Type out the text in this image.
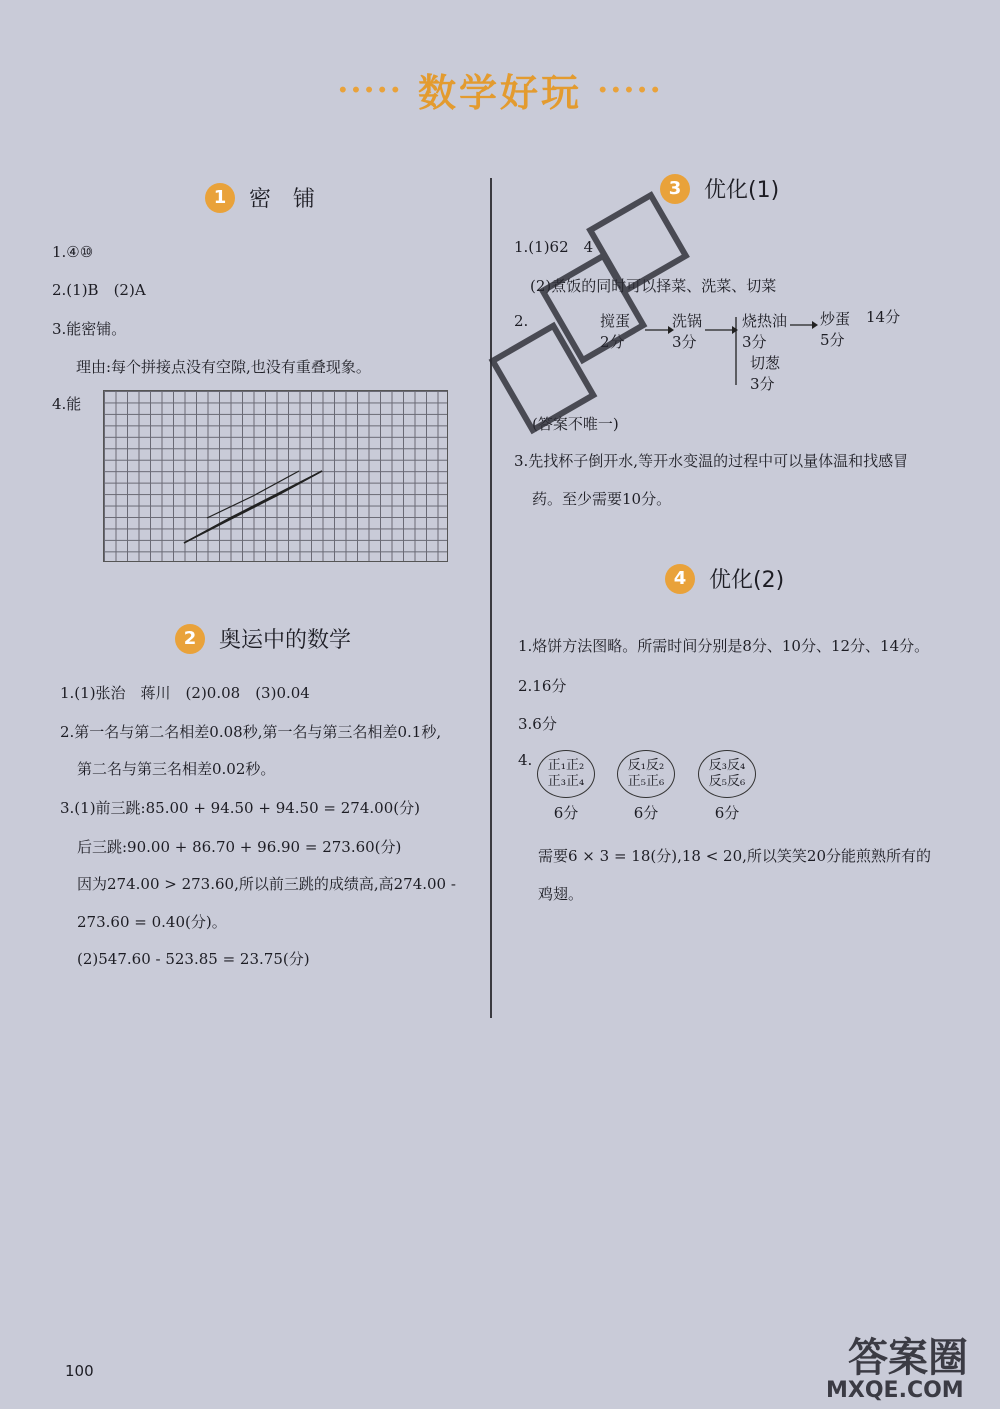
····· 数学好玩 ·····
1	密　铺
1.④⑩
2.(1)B　(2)A
3.能密铺。
理由:每个拼接点没有空隙,也没有重叠现象。
4.能
2	奥运中的数学
1.(1)张治　蒋川　(2)0.08　(3)0.04
2.第一名与第二名相差0.08秒,第一名与第三名相差0.1秒,
第二名与第三名相差0.02秒。
3.(1)前三跳:85.00 + 94.50 + 94.50 = 274.00(分)
后三跳:90.00 + 86.70 + 96.90 = 273.60(分)
因为274.00 > 273.60,所以前三跳的成绩高,高274.00 -
273.60 = 0.40(分)。
(2)547.60 - 523.85 = 23.75(分)
3	优化(1)
1.(1)62　4
(2)煮饭的同时可以择菜、洗菜、切菜
2.	搅蛋
2分
洗锅
3分
烧热油
3分
炒蛋
5分
14分
切葱
3分
(答案不唯一)
3.先找杯子倒开水,等开水变温的过程中可以量体温和找感冒
药。至少需要10分。
4	优化(2)
1.烙饼方法图略。所需时间分别是8分、10分、12分、14分。
2.16分
3.6分
4. 正₁正₂
正₃正₄
6分
反₁反₂
正₅正₆
6分
反₃反₄
反₅反₆
6分
需要6 × 3 = 18(分),18 < 20,所以笑笑20分能煎熟所有的
鸡翅。
100	答案圈
MXQE.COM
